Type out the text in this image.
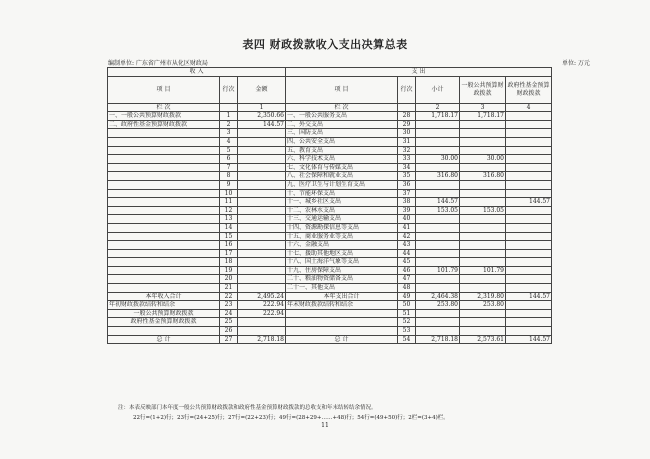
表四 财政拨款收入支出决算总表
编制单位: 广东省广州市从化区财政局	单位: 万元
收 入			支 出				
项 目	行次	金额	项 目	行次	小计	一般公共预算财政拨款	政府性基金预算财政拨款

栏 次		1	栏 次		2	3	4
一、一般公共预算财政拨款	1	2,350.66	一、一般公共服务支出	28	1,718.17	1,718.17	
二、政府性基金预算财政拨款	2	144.57	二、外交支出	29			
	3		三、国防支出	30			
	4		四、公共安全支出	31			
	5		五、教育支出	32			
	6		六、科学技术支出	33	30.00	30.00	
	7		七、文化体育与传媒支出	34			
	8		八、社会保障和就业支出	35	316.80	316.80	
	9		九、医疗卫生与计划生育支出	36			
	10		十、节能环保支出	37			
	11		十一、城乡社区支出	38	144.57		144.57
	12		十二、农林水支出	39	153.05	153.05	
	13		十三、交通运输支出	40			
	14		十四、资源勘探信息等支出	41			
	15		十五、商业服务业等支出	42			
	16		十六、金融支出	43			
	17		十七、援助其他地区支出	44			
	18		十八、国土海洋气象等支出	45			
	19		十九、住房保障支出	46	101.79	101.79	
	20		二十、粮油物资储备支出	47			
	21		二十一、其他支出	48			
本年收入合计	22	2,495.24	本年支出合计	49	2,464.38	2,319.80	144.57
年初财政拨款结转和结余	23	222.94	年末财政拨款结转和结余	50	253.80	253.80	
一般公共预算财政拨款	24	222.94		51			
政府性基金预算财政拨款	25			52			
	26			53			
总 计	27	2,718.18	总 计	54	2,718.18	2,573.61	144.57
注：本表反映部门本年度一般公共预算财政拨款和政府性基金预算财政拨款的总收支和年末结转结余情况。
22行=(1+2)行；23行=(24+25)行；27行=(22+23)行；49行=(28+29+……+48)行；54行=(49+50)行；2栏=(3+4)栏。
11
